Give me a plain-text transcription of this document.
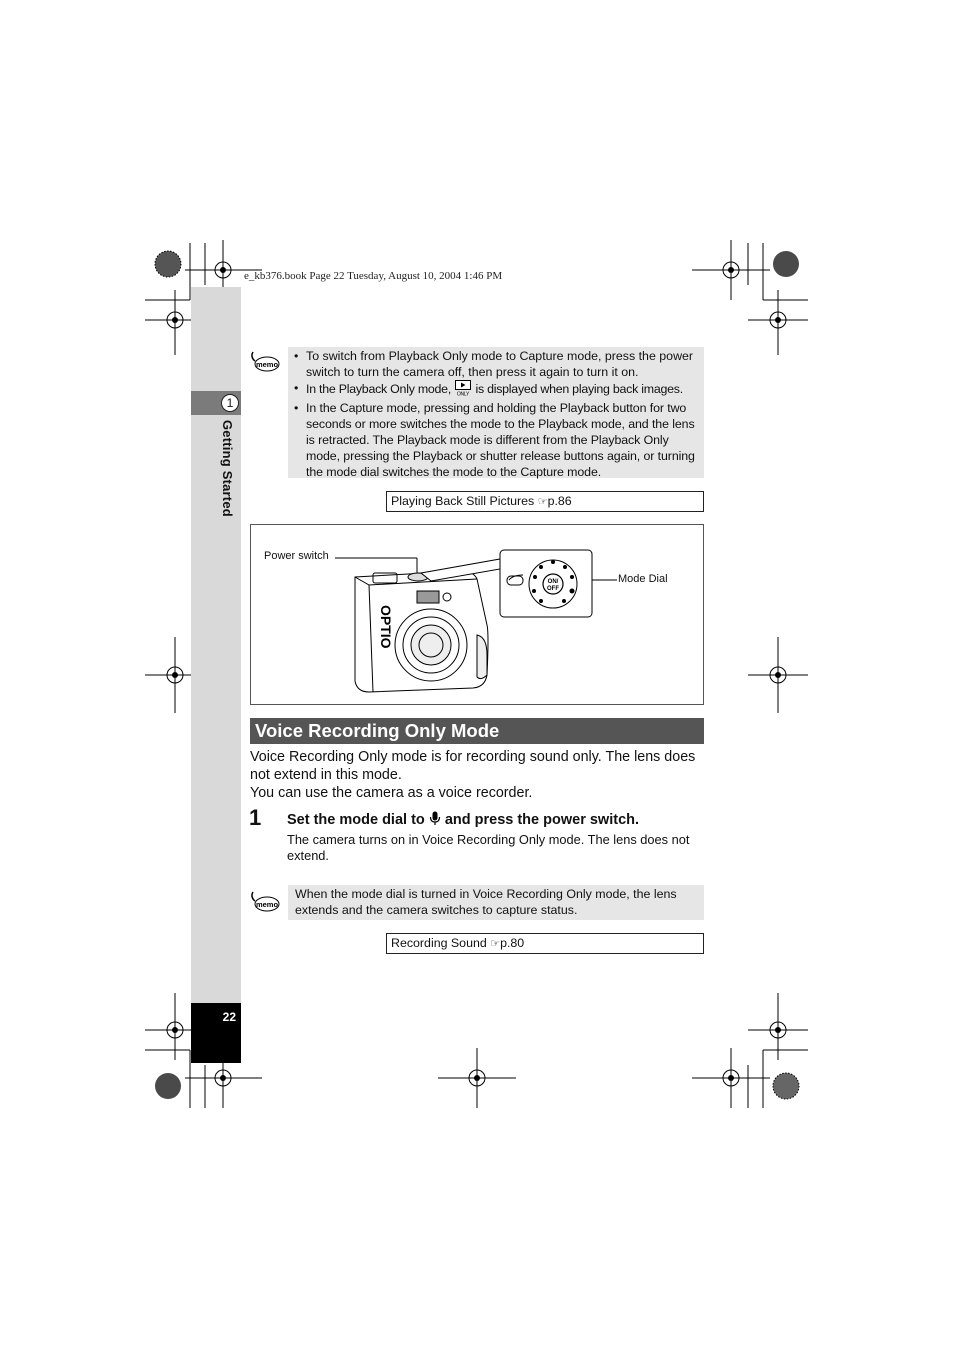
e_kb376.book Page 22 Tuesday, August 10, 2004 1:46 PM
1
Getting Started
22
memo
• To switch from Playback Only mode to Capture mode, press the power switch to turn the camera off, then press it again to turn it on.
• In the Playback Only mode, ONLY is displayed when playing back images.
• In the Capture mode, pressing and holding the Playback button for two seconds or more switches the mode to the Playback mode, and the lens is retracted. The Playback mode is different from the Playback Only mode, pressing the Playback or shutter release buttons again, or turning the mode dial switches the mode to the Capture mode.
Playing Back Still Pictures ☞p.86
OPTIO
ON/
OFF
Power switch
Mode Dial
Voice Recording Only Mode
Voice Recording Only mode is for recording sound only. The lens does not extend in this mode.
You can use the camera as a voice recorder.
1 Set the mode dial to and press the power switch.
The camera turns on in Voice Recording Only mode. The lens does not extend.
memo
When the mode dial is turned in Voice Recording Only mode, the lens extends and the camera switches to capture status.
Recording Sound ☞p.80
